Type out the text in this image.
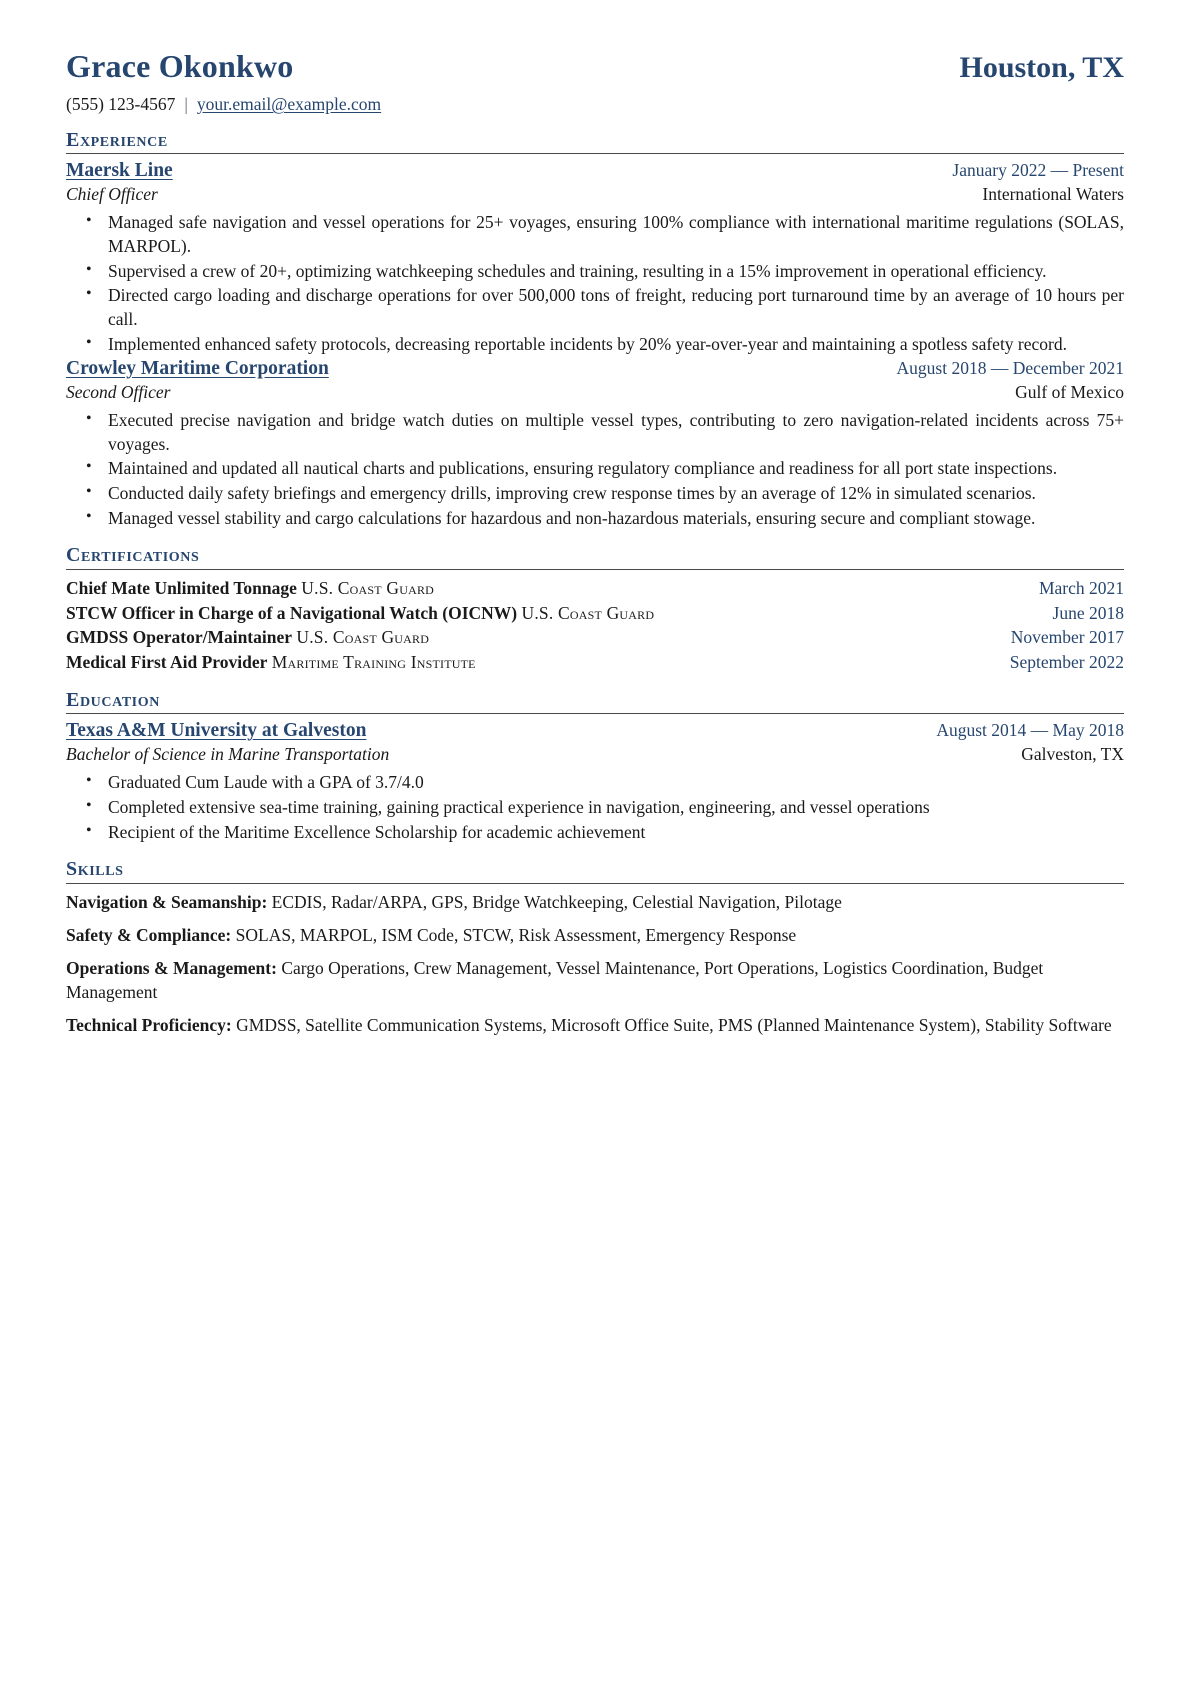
Grace Okonkwo	Houston, TX
(555) 123-4567 | your.email@example.com
Experience
Maersk Line	January 2022 — Present
Chief Officer	International Waters
• Managed safe navigation and vessel operations for 25+ voyages, ensuring 100% compliance with international maritime regulations (SOLAS, MARPOL).
• Supervised a crew of 20+, optimizing watchkeeping schedules and training, resulting in a 15% improvement in operational efficiency.
• Directed cargo loading and discharge operations for over 500,000 tons of freight, reducing port turnaround time by an average of 10 hours per call.
• Implemented enhanced safety protocols, decreasing reportable incidents by 20% year-over-year and maintaining a spotless safety record.
Crowley Maritime Corporation	August 2018 — December 2021
Second Officer	Gulf of Mexico
• Executed precise navigation and bridge watch duties on multiple vessel types, contributing to zero navigation-related incidents across 75+ voyages.
• Maintained and updated all nautical charts and publications, ensuring regulatory compliance and readiness for all port state inspections.
• Conducted daily safety briefings and emergency drills, improving crew response times by an average of 12% in simulated scenarios.
• Managed vessel stability and cargo calculations for hazardous and non-hazardous materials, ensuring secure and compliant stowage.
Certifications
Chief Mate Unlimited Tonnage U.S. Coast Guard	March 2021
STCW Officer in Charge of a Navigational Watch (OICNW) U.S. Coast Guard	June 2018
GMDSS Operator/Maintainer U.S. Coast Guard	November 2017
Medical First Aid Provider Maritime Training Institute	September 2022
Education
Texas A&M University at Galveston	August 2014 — May 2018
Bachelor of Science in Marine Transportation	Galveston, TX
• Graduated Cum Laude with a GPA of 3.7/4.0
• Completed extensive sea-time training, gaining practical experience in navigation, engineering, and vessel operations
• Recipient of the Maritime Excellence Scholarship for academic achievement
Skills
Navigation & Seamanship: ECDIS, Radar/ARPA, GPS, Bridge Watchkeeping, Celestial Navigation, Pilotage
Safety & Compliance: SOLAS, MARPOL, ISM Code, STCW, Risk Assessment, Emergency Response
Operations & Management: Cargo Operations, Crew Management, Vessel Maintenance, Port Operations, Logistics Coordination, Budget Management
Technical Proficiency: GMDSS, Satellite Communication Systems, Microsoft Office Suite, PMS (Planned Maintenance System), Stability Software
